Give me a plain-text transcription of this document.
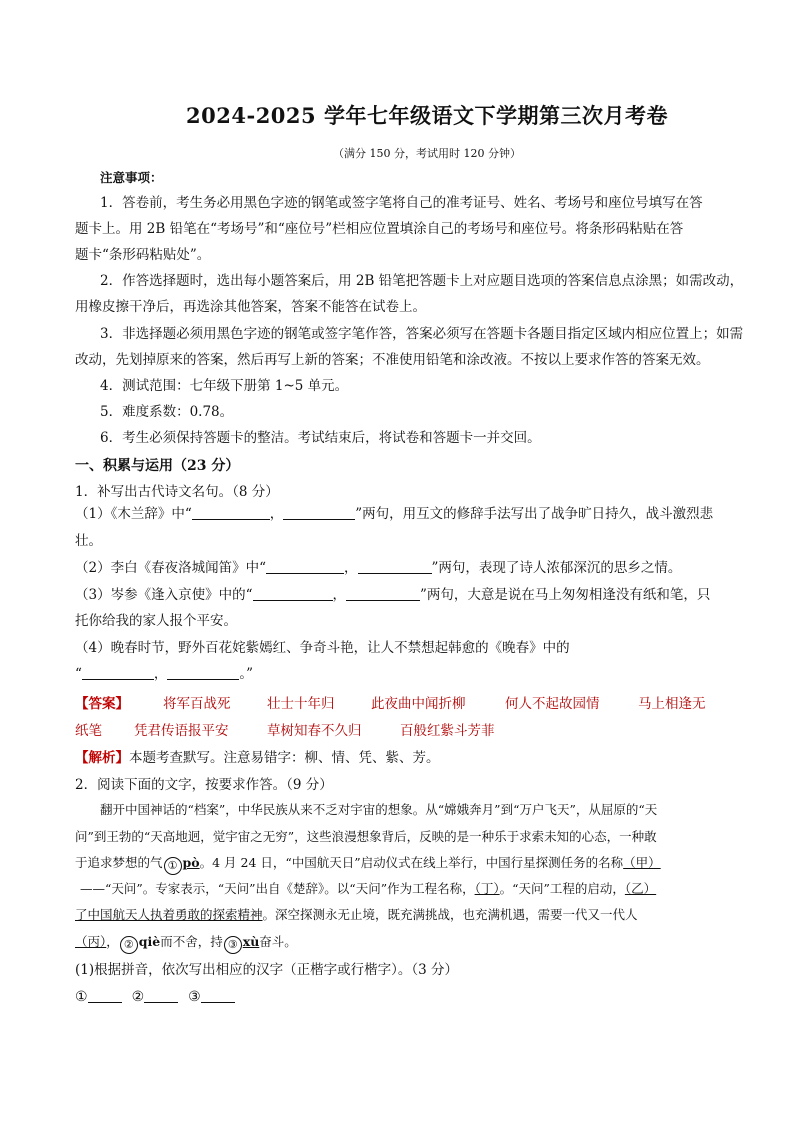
2024-2025 学年七年级语文下学期第三次月考卷
（满分 150 分，考试用时 120 分钟）
注意事项：
1．答卷前，考生务必用黑色字迹的钢笔或签字笔将自己的准考证号、姓名、考场号和座位号填写在答
题卡上。用 2B 铅笔在“考场号”和“座位号”栏相应位置填涂自己的考场号和座位号。将条形码粘贴在答
题卡“条形码粘贴处”。
2．作答选择题时，选出每小题答案后，用 2B 铅笔把答题卡上对应题目选项的答案信息点涂黑；如需改动，
用橡皮擦干净后，再选涂其他答案，答案不能答在试卷上。
3．非选择题必须用黑色字迹的钢笔或签字笔作答，答案必须写在答题卡各题目指定区域内相应位置上；如需
改动，先划掉原来的答案，然后再写上新的答案；不准使用铅笔和涂改液。不按以上要求作答的答案无效。
4．测试范围：七年级下册第 1~5 单元。
5．难度系数：0.78。
6．考生必须保持答题卡的整洁。考试结束后，将试卷和答题卡一并交回。
一、积累与运用（23 分）
1．补写出古代诗文名句。（8 分）
（1）《木兰辞》中“	，	”两句，用互文的修辞手法写出了战争旷日持久，战斗激烈悲
壮。
（2）李白《春夜洛城闻笛》中“	，	”两句，表现了诗人浓郁深沉的思乡之情。
（3）岑参《逢入京使》中的“	，	”两句，大意是说在马上匆匆相逢没有纸和笔，只
托你给我的家人报个平安。
（4）晚春时节，野外百花姹紫嫣红、争奇斗艳，让人不禁想起韩愈的《晚春》中的
“	，	。”
【答案】	将军百战死	壮士十年归	此夜曲中闻折柳	何人不起故园情	马上相逢无
纸笔 凭君传语报平安	草树知春不久归	百般红紫斗芳菲
【解析】本题考查默写。注意易错字：柳、情、凭、紫、芳。
2．阅读下面的文字，按要求作答。（9 分）
翻开中国神话的“档案”，中华民族从来不乏对宇宙的想象。从“嫦娥奔月”到“万户飞天”，从屈原的“天
问”到王勃的“天高地迥，觉宇宙之无穷”，这些浪漫想象背后，反映的是一种乐于求索未知的心态，一种敢
于追求梦想的气 ① pò。4 月 24 日，“中国航天日”启动仪式在线上举行，中国行星探测任务的名称（甲）
——“天问”。专家表示，“天问”出自《楚辞》。以“天问”作为工程名称，（丁）。“天问”工程的启动，（乙）
了中国航天人执着勇敢的探索精神。深空探测永无止境，既充满挑战，也充满机遇，需要一代又一代人
（丙）， ② qiè而不舍，持 ③ xù奋斗。
(1)根据拼音，依次写出相应的汉字（正楷字或行楷字）。（3 分）
①	②	③
